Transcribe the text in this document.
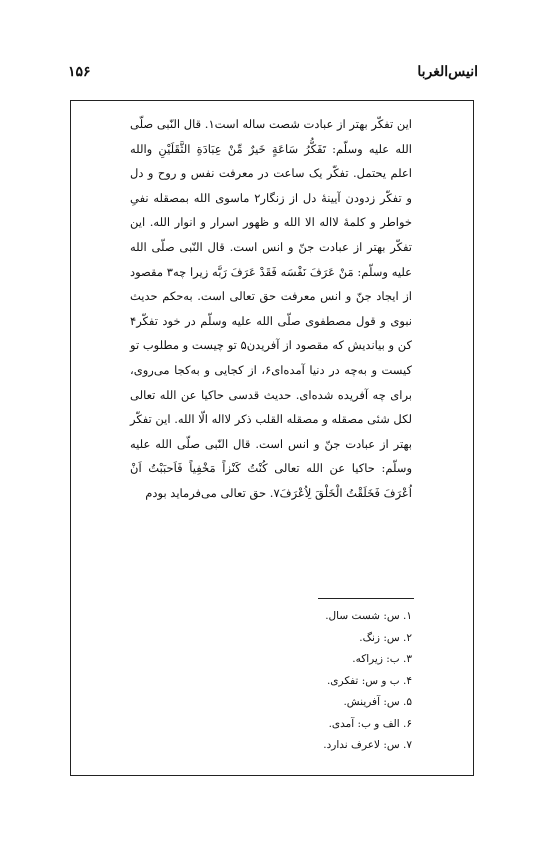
انیس‌الغربا
۱۵۶

این تفکّر بهتر از عبادت شصت ساله است۱. قال النّبی صلّی الله علیه وسلّم: تَفَکُّرُ سَاعَةٍ خَیرٌ مِّنْ عِبَادَةِ الثَّقَلَیْنِ والله اعلم یحتمل. تفکّر یک ساعت در معرفت نفس و روح و دل و تفکّر زدودن آیینهٔ دل از زنگار۲ ماسوی الله بمصقله نفیِ خواطر و کلمهٔ لااله الا الله و ظهور اسرار و انوار الله. این تفکّر بهتر از عبادت جنّ و انس است. قال النّبی صلّی الله علیه وسلّم: مَنْ عَرَفَ نَفْسَه فَقَدْ عَرَفَ رَبَّه زیرا چه۳ مقصود از ایجاد جنّ و انس معرفت حق تعالی است. به‌حکم حدیث نبوی و قول مصطفوی صلّی الله علیه وسلّم در خود تفکّر۴ کن و بیاندیش که مقصود از آفریدن۵ تو چیست و مطلوب تو کیست و به‌چه در دنیا آمده‌ای۶، از کجایی و به‌کجا می‌روی، برای چه آفریده شده‌ای. حدیث قدسی حاکیا عن الله تعالی لکل شئی مصقله و مصقله القلب ذکر لااله الّا الله. این تفکّر بهتر از عبادت جنّ و انس است. قال النّبی صلّی الله علیه وسلّم: حاکیا عن الله تعالی کُنْتُ کَنْزاً مَخْفِیاً فَاَحبَبْتُ اَنْ اُعْرَفَ فَخَلَقْتُ الْخَلْقَ لِاُعْرَفَ۷. حق تعالی می‌فرماید بودم

۱. س: شست سال.
۲. س: زنگ.
۳. ب: زیراکه.
۴. ب و س: تفکری.
۵. س: آفرینش.
۶. الف و ب: آمدی.
۷. س: لاعرف ندارد.
